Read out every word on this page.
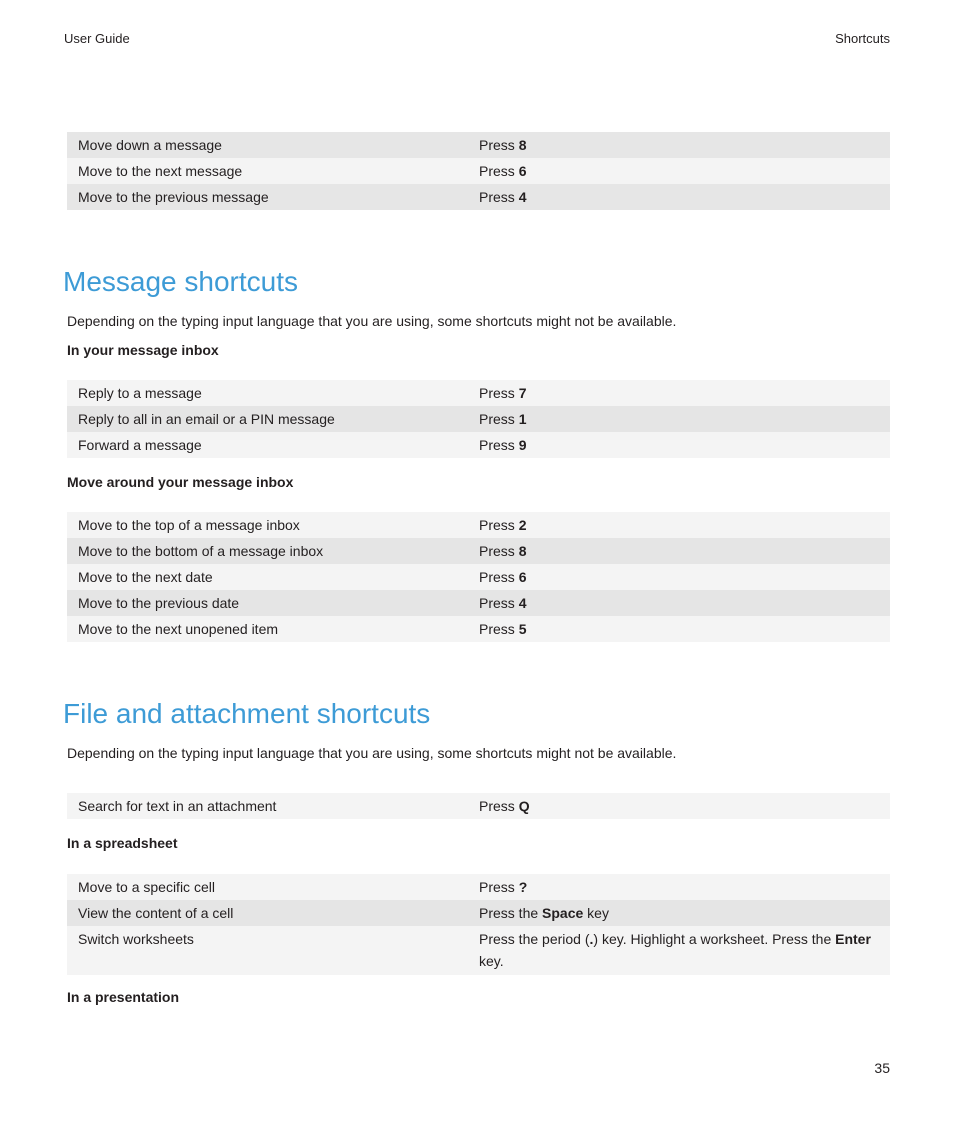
User Guide	Shortcuts
Move down a message	Press 8
Move to the next message	Press 6
Move to the previous message	Press 4
Message shortcuts
Depending on the typing input language that you are using, some shortcuts might not be available.
In your message inbox
Reply to a message	Press 7
Reply to all in an email or a PIN message	Press 1
Forward a message	Press 9
Move around your message inbox
Move to the top of a message inbox	Press 2
Move to the bottom of a message inbox	Press 8
Move to the next date	Press 6
Move to the previous date	Press 4
Move to the next unopened item	Press 5
File and attachment shortcuts
Depending on the typing input language that you are using, some shortcuts might not be available.
Search for text in an attachment	Press Q
In a spreadsheet
Move to a specific cell	Press ?
View the content of a cell	Press the Space key
Switch worksheets	Press the period (.) key. Highlight a worksheet. Press the Enter key.
In a presentation
35
